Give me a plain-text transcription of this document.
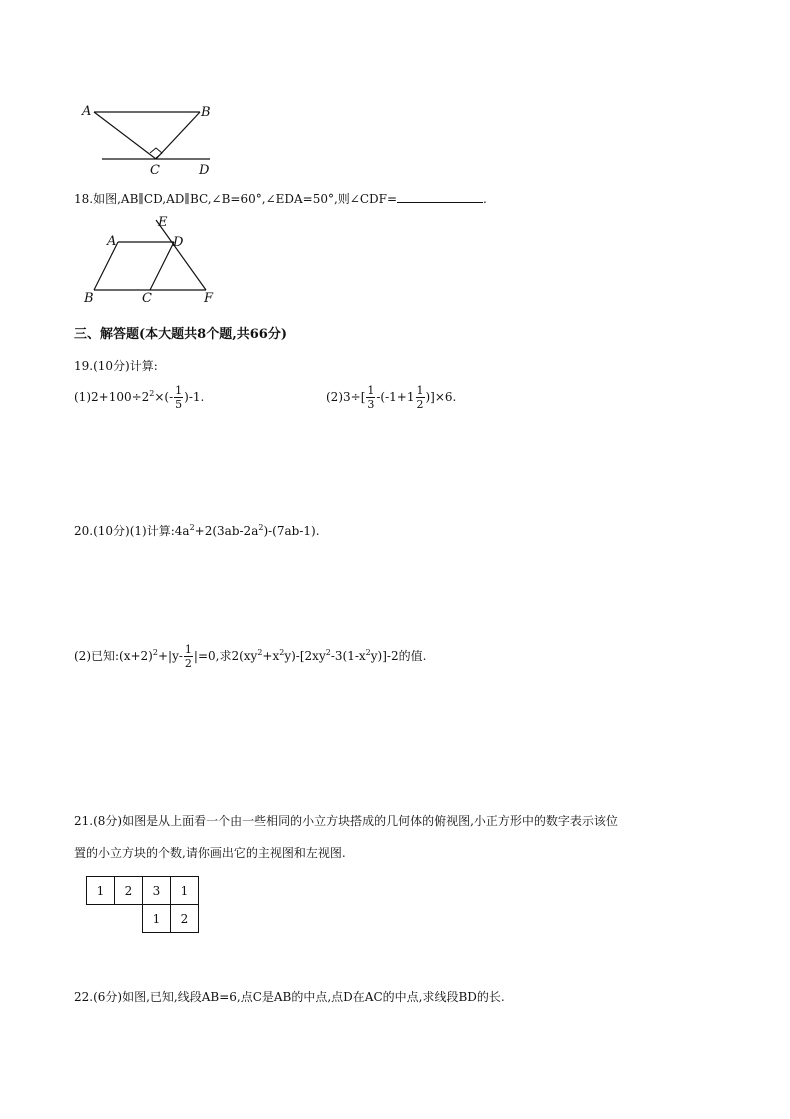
A	B
C	D
18.如图,AB∥CD,AD∥BC,∠B=60°,∠EDA=50°,则∠CDF=	.
E
A	D
B	C	F
三、解答题(本大题共8个题,共66分)
19.(10分)计算:
$(1)2+100\div 2^2\times(- \frac{1}{5} )-1$.	$(2)3\div[ \frac{1}{3} -(-1+1 \frac{1}{2} )]\times 6$.
20.(10分)(1)计算$:4a^2+2(3ab-2a^2)-(7ab-1)$.
(2)已知$:(x+2)^2+|y- \frac{1}{2} |=0$,求$2(xy^2+x^2y)-[2xy^2-3(1-x^2y)]-2$的值.
21.(8分)如图是从上面看一个由一些相同的小立方块搭成的几何体的俯视图,小正方形中的数字表示该位
置的小立方块的个数,请你画出它的主视图和左视图.
1	2	3	1
		1	2
22.(6分)如图,已知,线段AB=6,点C是AB的中点,点D在AC的中点,求线段BD的长.
